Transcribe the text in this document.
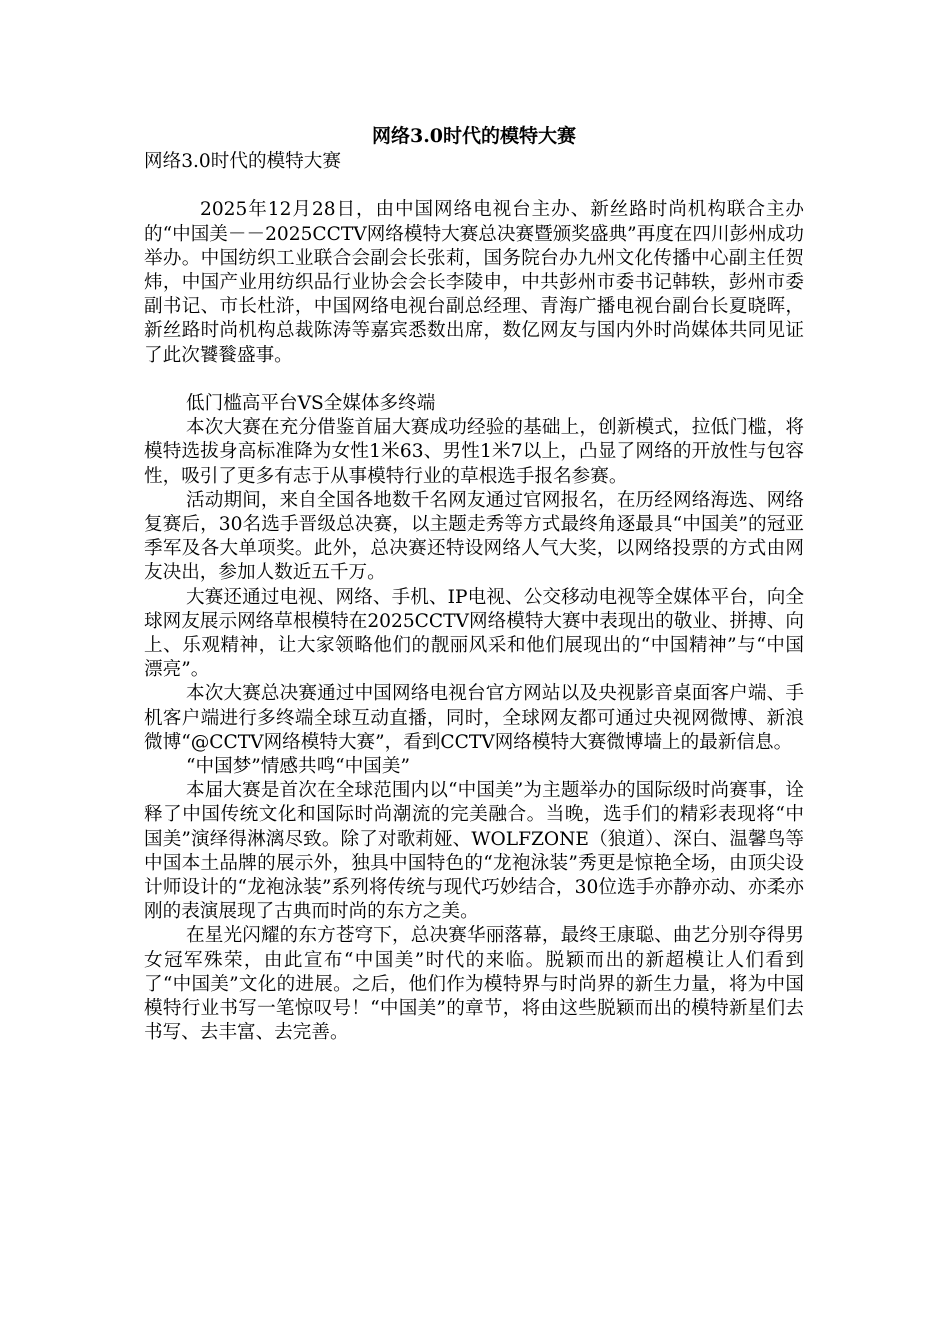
网络3.0时代的模特大赛

网络3.0时代的模特大赛

2025年12月28日，由中国网络电视台主办、新丝路时尚机构联合主办的“中国美－－2025CCTV网络模特大赛总决赛暨颁奖盛典”再度在四川彭州成功举办。中国纺织工业联合会副会长张莉，国务院台办九州文化传播中心副主任贺炜，中国产业用纺织品行业协会会长李陵申，中共彭州市委书记韩轶，彭州市委副书记、市长杜浒，中国网络电视台副总经理、青海广播电视台副台长夏晓晖，新丝路时尚机构总裁陈涛等嘉宾悉数出席，数亿网友与国内外时尚媒体共同见证了此次饕餮盛事。

低门槛高平台VS全媒体多终端

本次大赛在充分借鉴首届大赛成功经验的基础上，创新模式，拉低门槛，将模特选拔身高标准降为女性1米63、男性1米7以上，凸显了网络的开放性与包容性，吸引了更多有志于从事模特行业的草根选手报名参赛。

活动期间，来自全国各地数千名网友通过官网报名，在历经网络海选、网络复赛后，30名选手晋级总决赛，以主题走秀等方式最终角逐最具“中国美”的冠亚季军及各大单项奖。此外，总决赛还特设网络人气大奖，以网络投票的方式由网友决出，参加人数近五千万。

大赛还通过电视、网络、手机、IP电视、公交移动电视等全媒体平台，向全球网友展示网络草根模特在2025CCTV网络模特大赛中表现出的敬业、拼搏、向上、乐观精神，让大家领略他们的靓丽风采和他们展现出的“中国精神”与“中国漂亮”。

本次大赛总决赛通过中国网络电视台官方网站以及央视影音桌面客户端、手机客户端进行多终端全球互动直播，同时，全球网友都可通过央视网微博、新浪微博“@CCTV网络模特大赛”，看到CCTV网络模特大赛微博墙上的最新信息。

“中国梦”情感共鸣“中国美”

本届大赛是首次在全球范围内以“中国美”为主题举办的国际级时尚赛事，诠释了中国传统文化和国际时尚潮流的完美融合。当晚，选手们的精彩表现将“中国美”演绎得淋漓尽致。除了对歌莉娅、WOLFZONE（狼道）、深白、温馨鸟等中国本土品牌的展示外，独具中国特色的“龙袍泳装”秀更是惊艳全场，由顶尖设计师设计的“龙袍泳装”系列将传统与现代巧妙结合，30位选手亦静亦动、亦柔亦刚的表演展现了古典而时尚的东方之美。

在星光闪耀的东方苍穹下，总决赛华丽落幕，最终王康聪、曲艺分别夺得男女冠军殊荣，由此宣布“中国美”时代的来临。脱颖而出的新超模让人们看到了“中国美”文化的进展。之后，他们作为模特界与时尚界的新生力量，将为中国模特行业书写一笔惊叹号！“中国美”的章节，将由这些脱颖而出的模特新星们去书写、去丰富、去完善。
